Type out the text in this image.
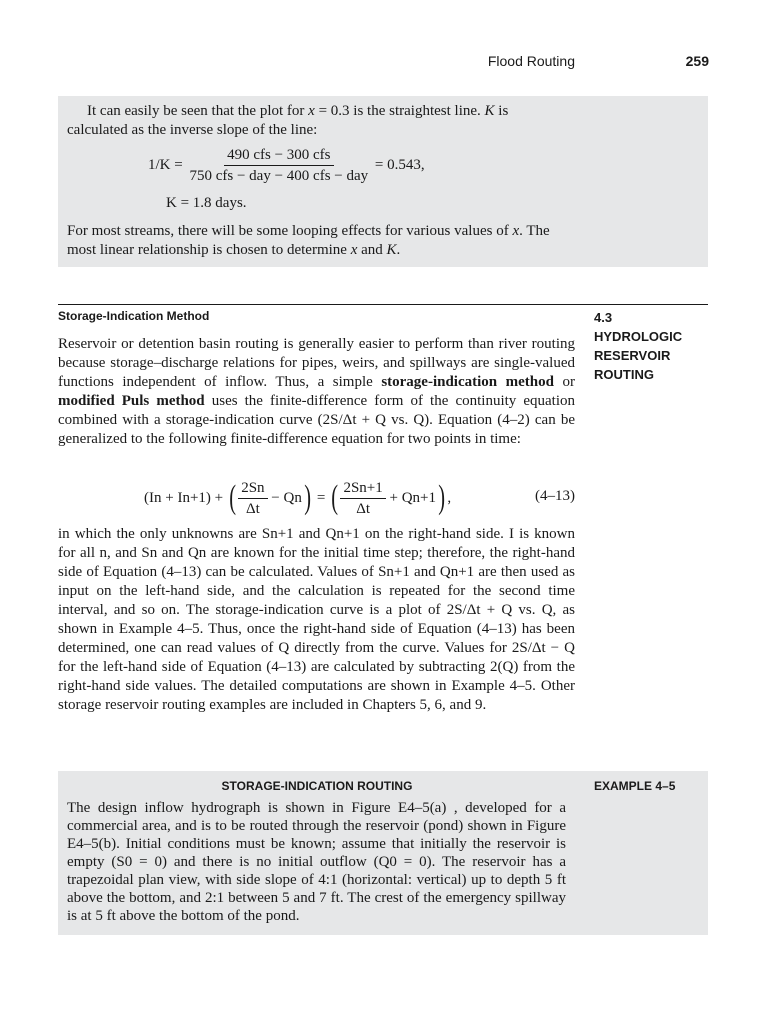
Flood Routing	259

It can easily be seen that the plot for x = 0.3 is the straightest line. K is calculated as the inverse slope of the line:

1/K =
$\frac{\text{490 cfs − 300 cfs}}{\text{750 cfs − day − 400 cfs − day}}$
= 0.543,
K = 1.8 days.

For most streams, there will be some looping effects for various values of x. The most linear relationship is chosen to determine x and K.

Storage-Indication Method	4.3
HYDROLOGIC
RESERVOIR
ROUTING

Reservoir or detention basin routing is generally easier to perform than river routing because storage–discharge relations for pipes, weirs, and spillways are single-valued functions independent of inflow. Thus, a simple storage-indication method or modified Puls method uses the finite-difference form of the continuity equation combined with a storage-indication curve (2S/Δt + Q vs. Q). Equation (4–2) can be generalized to the following finite-difference equation for two points in time:

(In + In+1) +
( $\frac{2Sn}{\Delta t}$
− Qn )
=
( $\frac{2Sn+1}{\Delta t}$
+ Qn+1 ) ,	(4–13)

in which the only unknowns are Sn+1 and Qn+1 on the right-hand side. I is known for all n, and Sn and Qn are known for the initial time step; therefore, the right-hand side of Equation (4–13) can be calculated. Values of Sn+1 and Qn+1 are then used as input on the left-hand side, and the calculation is repeated for the second time interval, and so on. The storage-indication curve is a plot of 2S/Δt + Q vs. Q, as shown in Example 4–5. Thus, once the right-hand side of Equation (4–13) has been determined, one can read values of Q directly from the curve. Values for 2S/Δt − Q for the left-hand side of Equation (4–13) are calculated by subtracting 2(Q) from the right-hand side values. The detailed computations are shown in Example 4–5. Other storage reservoir routing examples are included in Chapters 5, 6, and 9.

STORAGE-INDICATION ROUTING	EXAMPLE 4–5

The design inflow hydrograph is shown in Figure E4–5(a) , developed for a commercial area, and is to be routed through the reservoir (pond) shown in Figure E4–5(b). Initial conditions must be known; assume that initially the reservoir is empty (S0 = 0) and there is no initial outflow (Q0 = 0). The reservoir has a trapezoidal plan view, with side slope of 4:1 (horizontal: vertical) up to depth 5 ft above the bottom, and 2:1 between 5 and 7 ft. The crest of the emergency spillway is at 5 ft above the bottom of the pond.
